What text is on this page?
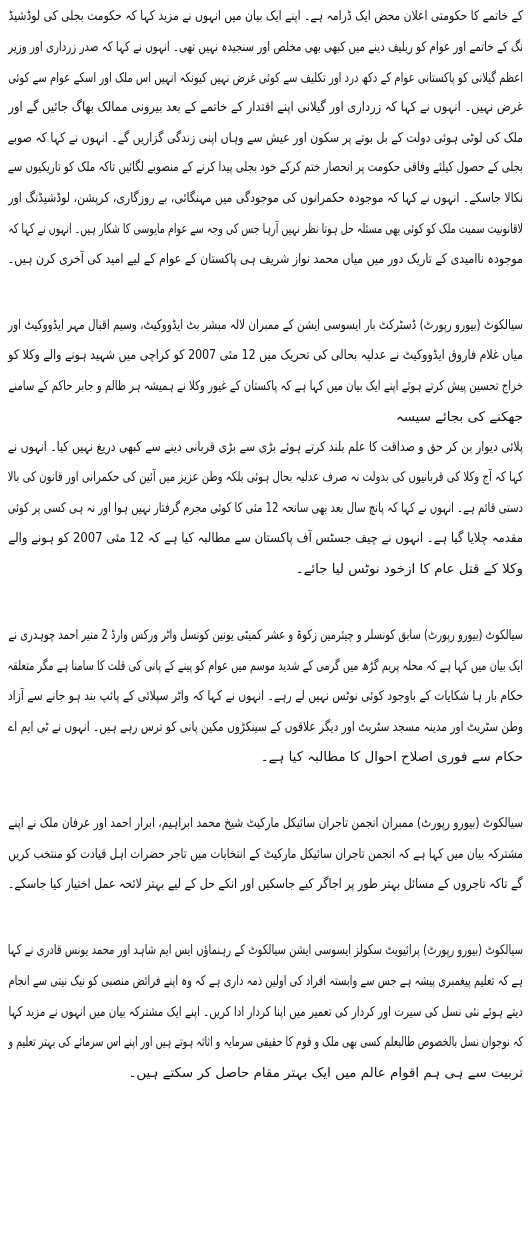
کے خاتمے کا حکومتی اعلان محض ایک ڈرامہ ہے۔ اپنے ایک بیان میں انہوں نے مزید کہا کہ حکومت بجلی کی لوڈشیڈ
نگ کے خاتمے اور عوام کو ریلیف دینے میں کبھی بھی مخلص اور سنجیدہ نہیں تھی۔ انہوں نے کہا کہ صدر زرداری اور وزیر
اعظم گیلانی کو پاکستانی عوام کے دکھ درد اور تکلیف سے کوئی غرض نہیں کیونکہ انہیں اس ملک اور اسکے عوام سے کوئی
غرض نہیں۔ انہوں نے کہا کہ زرداری اور گیلانی اپنے اقتدار کے خاتمے کے بعد بیرونی ممالک بھاگ جائیں گے اور
ملک کی لوٹی ہوئی دولت کے بل بوتے پر سکون اور عیش سے وہاں اپنی زندگی گزاریں گے۔ انہوں نے کہا کہ صوبے
بجلی کے حصول کیلئے وفاقی حکومت پر انحصار ختم کرکے خود بجلی پیدا کرنے کے منصوبے لگائیں تاکہ ملک کو تاریکیوں سے
نکالا جاسکے۔ انہوں نے کہا کہ موجودہ حکمرانوں کی موجودگی میں مہنگائی، بے روزگاری، کرپشن، لوڈشیڈنگ اور
لاقانونیت سمیت ملک کو کوئی بھی مسئلہ حل ہوتا نظر نہیں آرہا جس کی وجہ سے عوام مایوسی کا شکار ہیں۔ انہوں نے کہا کہ
موجودہ ناامیدی کے تاریک دور میں میاں محمد نواز شریف ہی پاکستان کے عوام کے لیے امید کی آخری کرن ہیں۔
سیالکوٹ (بیورو رپورٹ) ڈسٹرکٹ بار ایسوسی ایشن کے ممبران لالہ مبشر بٹ ایڈووکیٹ، وسیم اقبال مہر ایڈووکیٹ اور
میاں غلام فاروق ایڈووکیٹ نے عدلیہ بحالی کی تحریک میں 12 مئی 2007 کو کراچی میں شہید ہونے والے وکلا کو
خراج تحسین پیش کرتے ہوئے اپنے ایک بیان میں کہا ہے کہ پاکستان کے غیور وکلا نے ہمیشہ ہر ظالم و جابر حاکم کے سامنے
جھکنے کی بجائے سیسہ
پلائی دیوار بن کر حق و صداقت کا علم بلند کرتے ہوئے بڑی سے بڑی قربانی دینے سے کبھی دریغ نہیں کیا۔ انہوں نے
کہا کہ آج وکلا کی قربانیوں کی بدولت نہ صرف عدلیہ بحال ہوئی بلکہ وطن عزیز میں آئین کی حکمرانی اور قانون کی بالا
دستی قائم ہے۔ انہوں نے کہا کہ پانچ سال بعد بھی سانحہ 12 مئی کا کوئی مجرم گرفتار نہیں ہوا اور نہ ہی کسی پر کوئی
مقدمہ چلایا گیا ہے۔ انہوں نے چیف جسٹس آف پاکستان سے مطالبہ کیا ہے کہ 12 مئی 2007 کو ہونے والے
وکلا کے قتل عام کا ازخود نوٹس لیا جائے۔
سیالکوٹ (بیورو رپورٹ) سابق کونسلر و چیئرمین زکوۃ و عشر کمیٹی یونین کونسل واٹر ورکس وارڈ 2 منیر احمد چوہدری نے
ایک بیان میں کہا ہے کہ محلہ پریم گڑھ میں گرمی کے شدید موسم میں عوام کو پینے کے پانی کی قلت کا سامنا ہے مگر متعلقہ
حکام بار ہا شکایات کے باوجود کوئی نوٹس نہیں لے رہے۔ انہوں نے کہا کہ واٹر سپلائی کے پائپ بند ہو جانے سے آزاد
وطن سٹریٹ اور مدینہ مسجد سٹریٹ اور دیگر علاقوں کے سینکڑوں مکین پانی کو ترس رہے ہیں۔ انہوں نے ٹی ایم اے
حکام سے فوری اصلاح احوال کا مطالبہ کیا ہے۔
سیالکوٹ (بیورو رپورٹ) ممبران انجمن تاجران سائیکل مارکیٹ شیخ محمد ابراہیم، ابرار احمد اور عرفان ملک نے اپنے
مشترکہ بیان میں کہا ہے کہ انجمن تاجران سائیکل مارکیٹ کے انتخابات میں تاجر حضرات اہل قیادت کو منتخب کریں
گے تاکہ تاجروں کے مسائل بہتر طور پر اجاگر کیے جاسکیں اور انکے حل کے لیے بہتر لائحہ عمل اختیار کیا جاسکے۔
سیالکوٹ (بیورو رپورٹ) پرائیویٹ سکولز ایسوسی ایشن سیالکوٹ کے رہنماؤں ایس ایم شاہد اور محمد یونس قادری نے کہا
ہے کہ تعلیم پیغمبری پیشہ ہے جس سے وابستہ افراد کی اولین ذمہ داری ہے کہ وہ اپنے فرائض منصبی کو نیک نیتی سے انجام
دیتے ہوئے نئی نسل کی سیرت اور کردار کی تعمیر میں اپنا کردار ادا کریں۔ اپنے ایک مشترکہ بیان میں انہوں نے مزید کہا
کہ نوجوان نسل بالخصوص طالبعلم کسی بھی ملک و قوم کا حقیقی سرمایہ و اثاثہ ہوتے ہیں اور اپنے اس سرمائے کی بہتر تعلیم و
تربیت سے ہی ہم اقوام عالم میں ایک بہتر مقام حاصل کر سکتے ہیں۔
